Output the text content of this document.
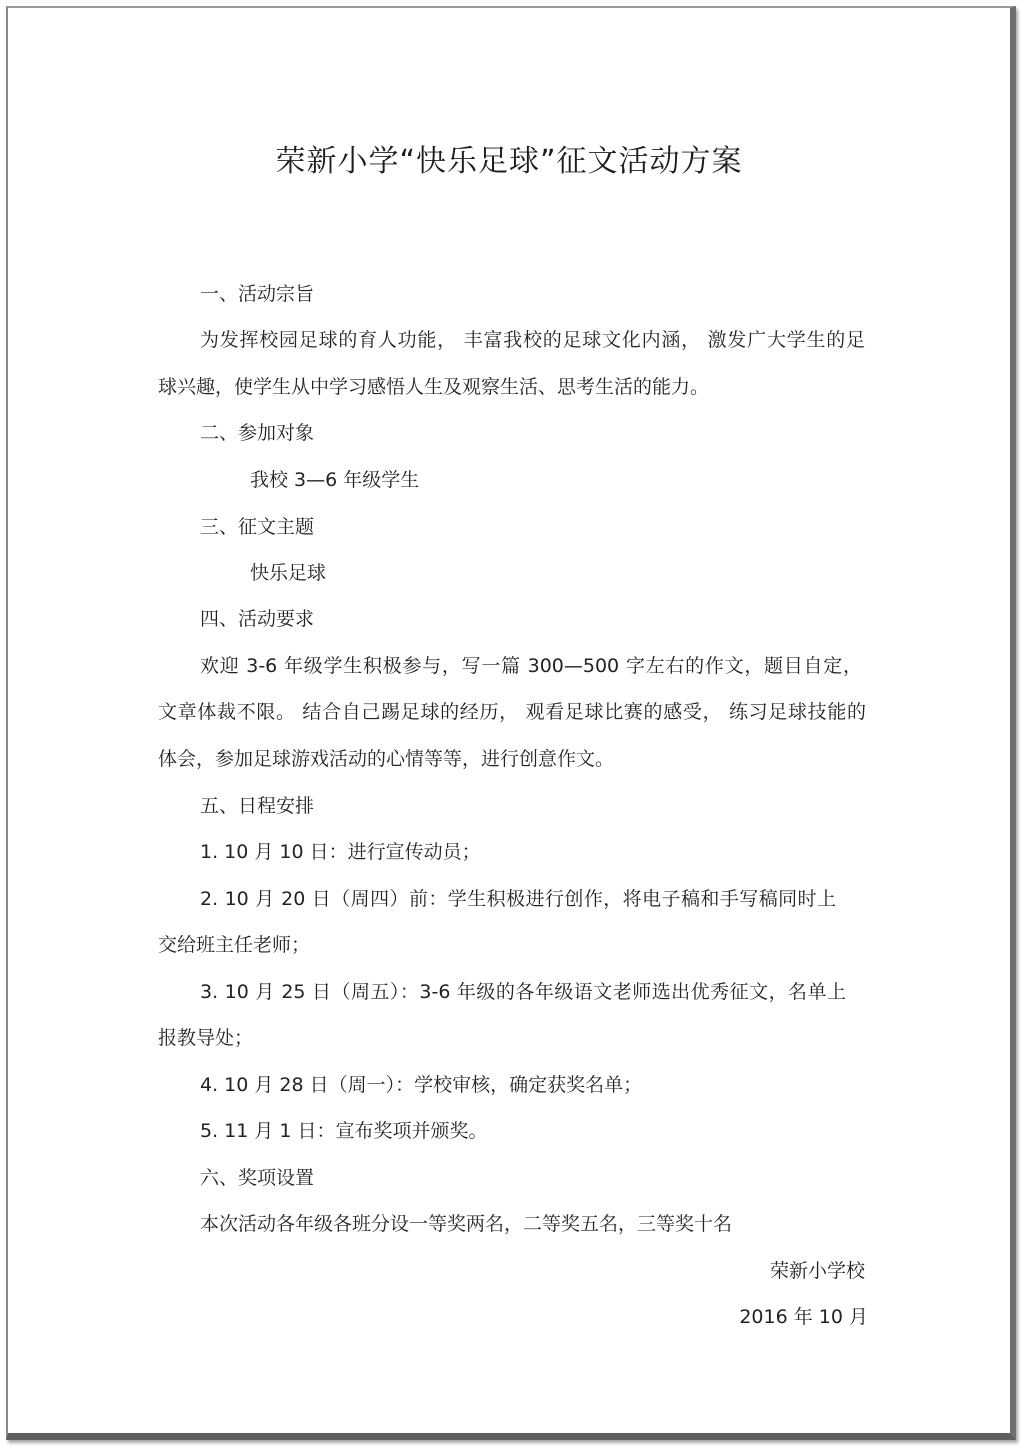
荣新小学“快乐足球”征文活动方案
一、活动宗旨
为发挥校园足球的育人功能， 丰富我校的足球文化内涵， 激发广大学生的足
球兴趣，使学生从中学习感悟人生及观察生活、思考生活的能力。
二、参加对象
我校 3—6 年级学生
三、征文主题
快乐足球
四、活动要求
欢迎 3-6 年级学生积极参与，写一篇 300—500 字左右的作文，题目自定，
文章体裁不限。 结合自己踢足球的经历， 观看足球比赛的感受， 练习足球技能的
体会，参加足球游戏活动的心情等等，进行创意作文。
五、日程安排
1. 10 月 10 日：进行宣传动员；
2. 10 月 20 日（周四）前：学生积极进行创作，将电子稿和手写稿同时上
交给班主任老师；
3. 10 月 25 日（周五）：3-6 年级的各年级语文老师选出优秀征文，名单上
报教导处；
4. 10 月 28 日（周一）：学校审核，确定获奖名单；
5. 11 月 1 日：宣布奖项并颁奖。
六、奖项设置
本次活动各年级各班分设一等奖两名，二等奖五名，三等奖十名
荣新小学校
2016 年 10 月
